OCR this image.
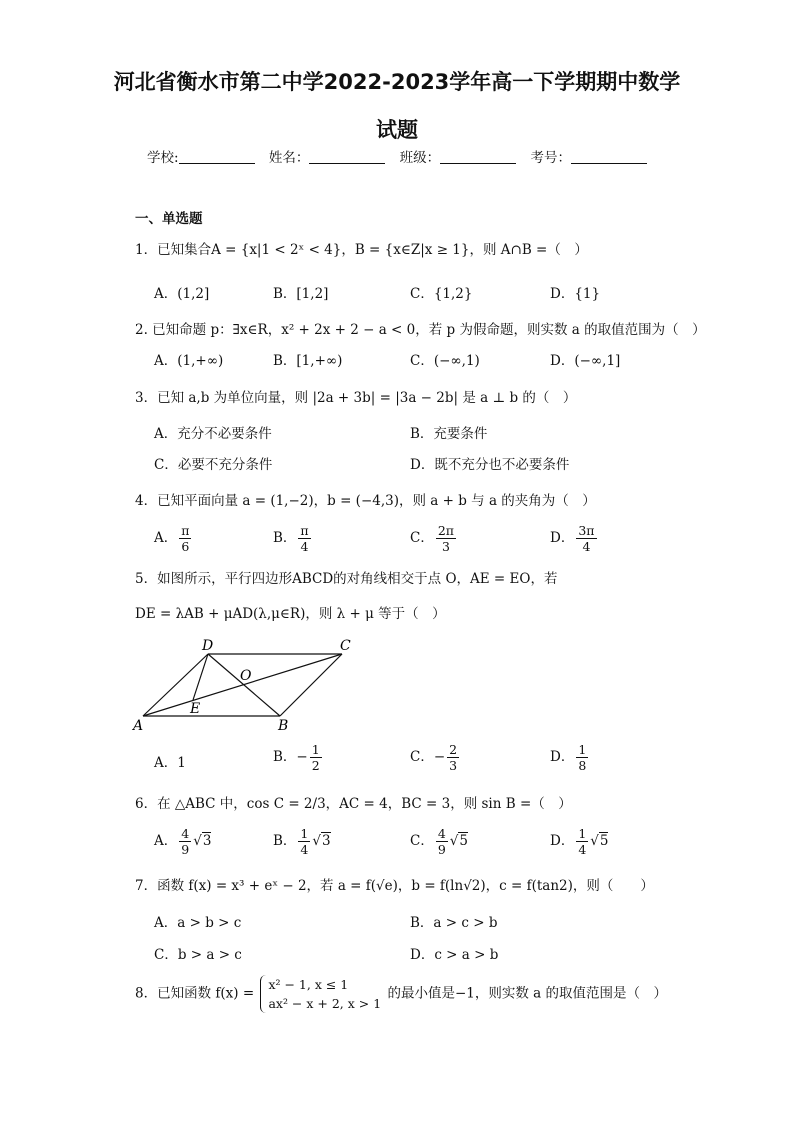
河北省衡水市第二中学2022-2023学年高一下学期期中数学
试题
学校:	姓名：	班级：	考号：
一、单选题
1．已知集合A = {x|1 < 2ˣ < 4}，B = {x∈Z|x ≥ 1}，则 A∩B =（　）
A．(1,2]	B．[1,2]	C．{1,2}	D．{1}
2. 已知命题 p：∃x∈R，x² + 2x + 2 − a < 0，若 p 为假命题，则实数 a 的取值范围为（　）
A．(1,+∞)	B．[1,+∞)	C．(−∞,1)	D．(−∞,1]
3．已知 a,b 为单位向量，则 |2a + 3b| = |3a − 2b| 是 a ⊥ b 的（　）
A．充分不必要条件	B．充要条件
C．必要不充分条件	D．既不充分也不必要条件
4．已知平面向量 a = (1,−2)，b = (−4,3)，则 a + b 与 a 的夹角为（　）
A． $\frac{\pi}{6}$	B． $\frac{\pi}{4}$	C． $\frac{2\pi}{3}$	D． $\frac{3\pi}{4}$
5．如图所示，平行四边形ABCD的对角线相交于点 O，AE = EO，若
DE = λAB + μAD(λ,μ∈R)，则 λ + μ 等于（　）
A	B
C
D
O
E
A．1	B．− $\frac{1}{2}$	C．− $\frac{2}{3}$	D． $\frac{1}{8}$
6．在 △ABC 中，cos C = 2/3，AC = 4，BC = 3，则 sin B =（　）
A． $\frac{4}{9} √3$	B． $\frac{1}{4} √3$	C． $\frac{4}{9} √5$	D． $\frac{1}{4} √5$
7．函数 f(x) = x³ + eˣ − 2，若 a = f(√e)，b = f(ln√2)，c = f(tan2)，则（　　）
A．a > b > c	B．a > c > b
C．b > a > c	D．c > a > b
8．已知函数 f(x) =
x² − 1, x ≤ 1
ax² − x + 2, x > 1
的最小值是−1，则实数 a 的取值范围是（　）
